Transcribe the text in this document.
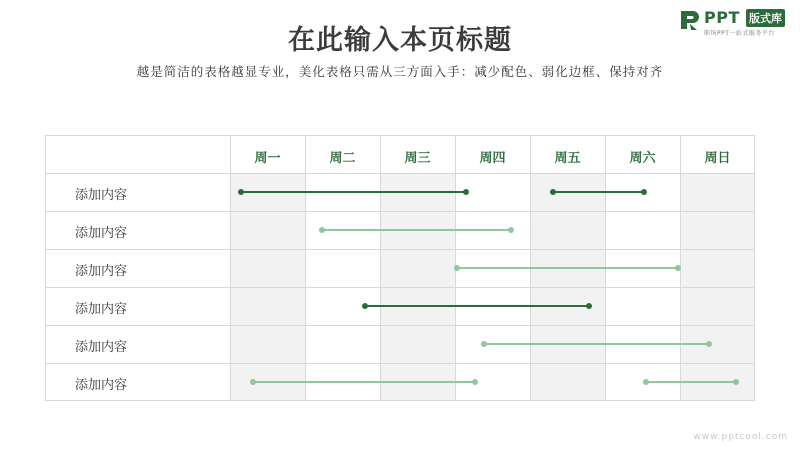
在此输入本页标题
越是简洁的表格越显专业，美化表格只需从三方面入手：减少配色、弱化边框、保持对齐
PPT 版式库
职场PPT一站式服务平台
周一	周二	周三	周四	周五	周六	周日
添加内容
添加内容
添加内容
添加内容
添加内容
添加内容
www.pptcool.com
